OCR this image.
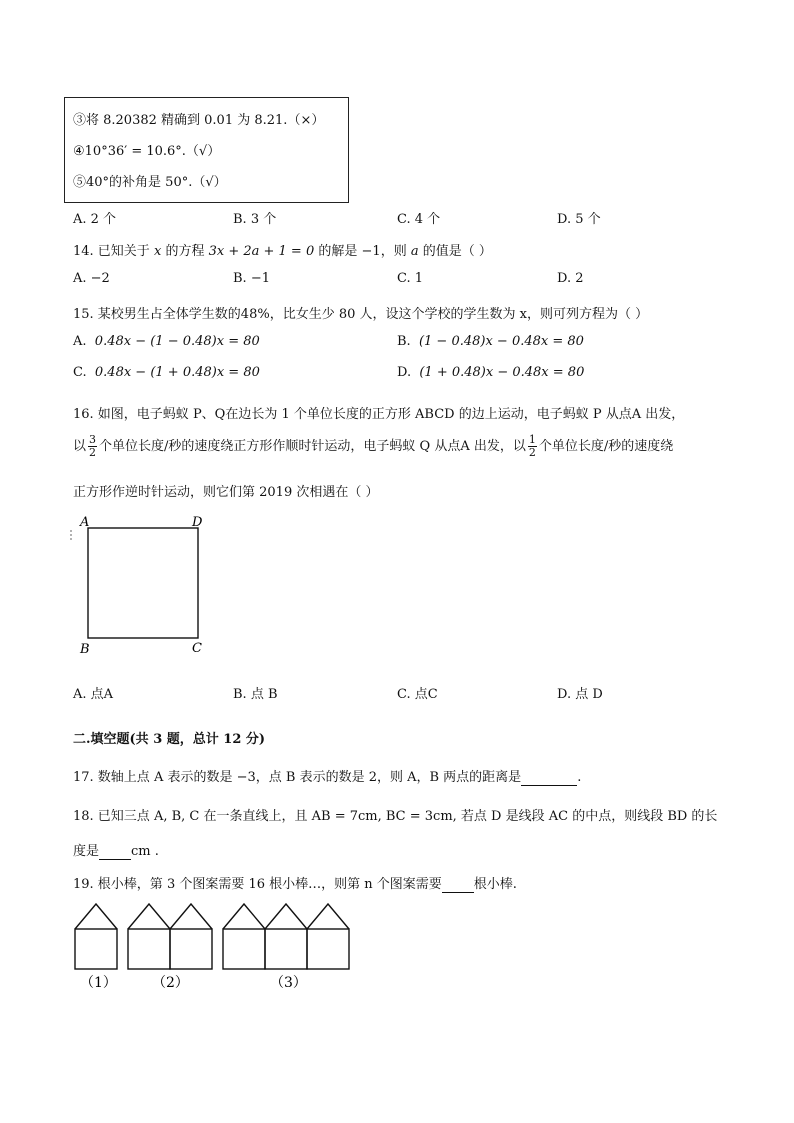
③将 8.20382 精确到 0.01 为 8.21.（×）
④10°36′ = 10.6°.（√）
⑤40°的补角是 50°.（√）
A. 2 个	B. 3 个	C. 4 个	D. 5 个
14. 已知关于 x 的方程 3x + 2a + 1 = 0 的解是 −1，则 a 的值是（ ）
A. −2	B. −1	C. 1	D. 2
15. 某校男生占全体学生数的48%，比女生少 80 人，设这个学校的学生数为 x，则可列方程为（ ）
A. 0.48x − (1 − 0.48)x = 80	B. (1 − 0.48)x − 0.48x = 80
C. 0.48x − (1 + 0.48)x = 80	D. (1 + 0.48)x − 0.48x = 80
16. 如图，电子蚂蚁 P、Q在边长为 1 个单位长度的正方形 ABCD 的边上运动，电子蚂蚁 P 从点A 出发，
以 $\frac{3}{2}$ 个单位长度/秒的速度绕正方形作顺时针运动，电子蚂蚁 Q 从点A 出发，以 $\frac{1}{2}$ 个单位长度/秒的速度绕
正方形作逆时针运动，则它们第 2019 次相遇在（ ）
A	D
B	C
A. 点A	B. 点 B	C. 点C	D. 点 D
二.填空题(共 3 题，总计 12 分)
17. 数轴上点 A 表示的数是 −3，点 B 表示的数是 2，则 A，B 两点的距离是	.
18. 已知三点 A, B, C 在一条直线上，且 AB = 7cm, BC = 3cm, 若点 D 是线段 AC 的中点，则线段 BD 的长
度是 cm .
19. 根小棒，第 3 个图案需要 16 根小棒…，则第 n 个图案需要 根小棒.
（1）	（2）	（3）
